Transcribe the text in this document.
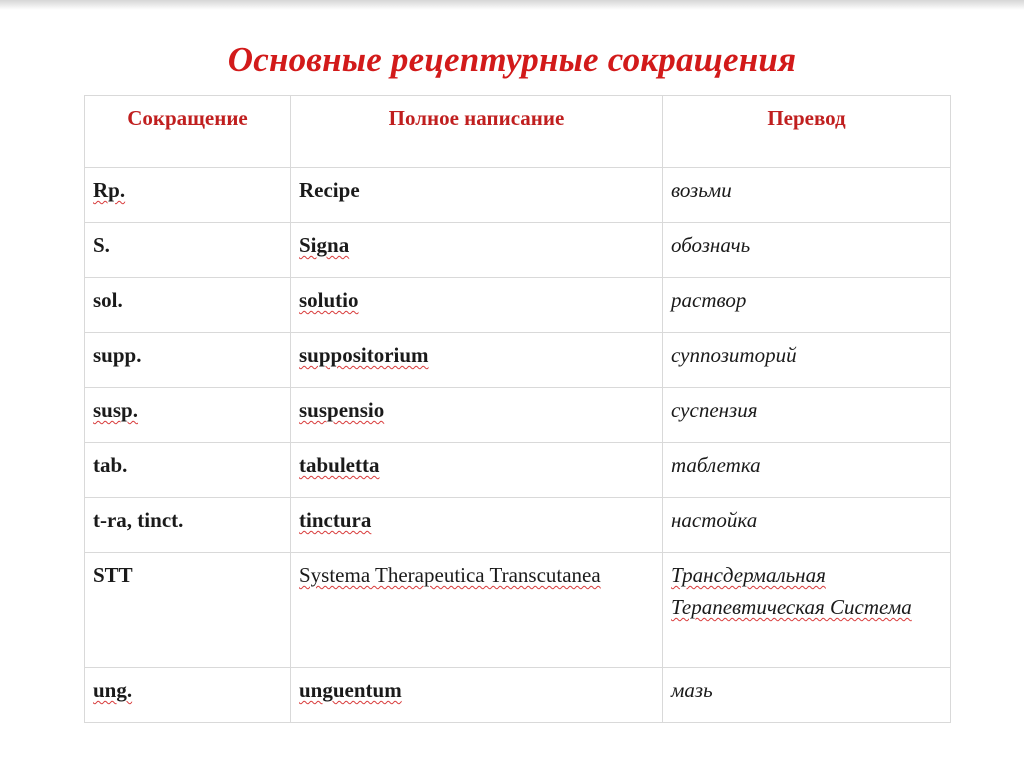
Основные рецептурные сокращения
Сокращение	Полное написание	Перевод
Rp.	Recipe	возьми
S.	Signa	обозначь
sol.	solutio	раствор
supp.	suppositorium	суппозиторий
susp.	suspensio	суспензия
tab.	tabuletta	таблетка
t-ra, tinct.	tinctura	настойка
STT	Systema Therapeutica Transcutanea	Трансдермальная Терапевтическая Система
ung.	unguentum	мазь
